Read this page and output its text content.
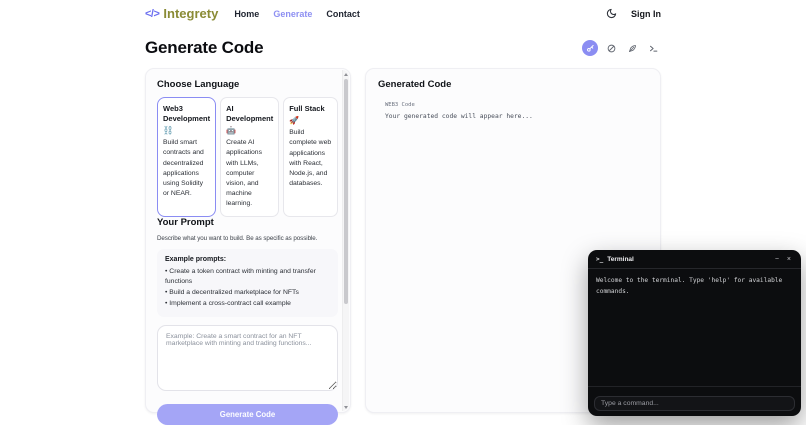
</> Integrety Home Generate Contact	Sign In
Generate Code
Choose Language
Web3 Development
⛓️
Build smart contracts and decentralized applications using Solidity or NEAR.
AI Development
🤖
Create AI applications with LLMs, computer vision, and machine learning.
Full Stack
🚀
Build complete web applications with React, Node.js, and databases.
Your Prompt

Describe what you want to build. Be as specific as possible.

Example prompts:
• Create a token contract with minting and transfer functions
• Build a decentralized marketplace for NFTs
• Implement a cross-contract call example
Example: Create a smart contract for an NFT marketplace with minting and trading functions... Generate Code
Generated Code
WEB3 Code
Your generated code will appear here...
>_ Terminal	− ×
Welcome to the terminal. Type 'help' for available commands.
Type a command...
